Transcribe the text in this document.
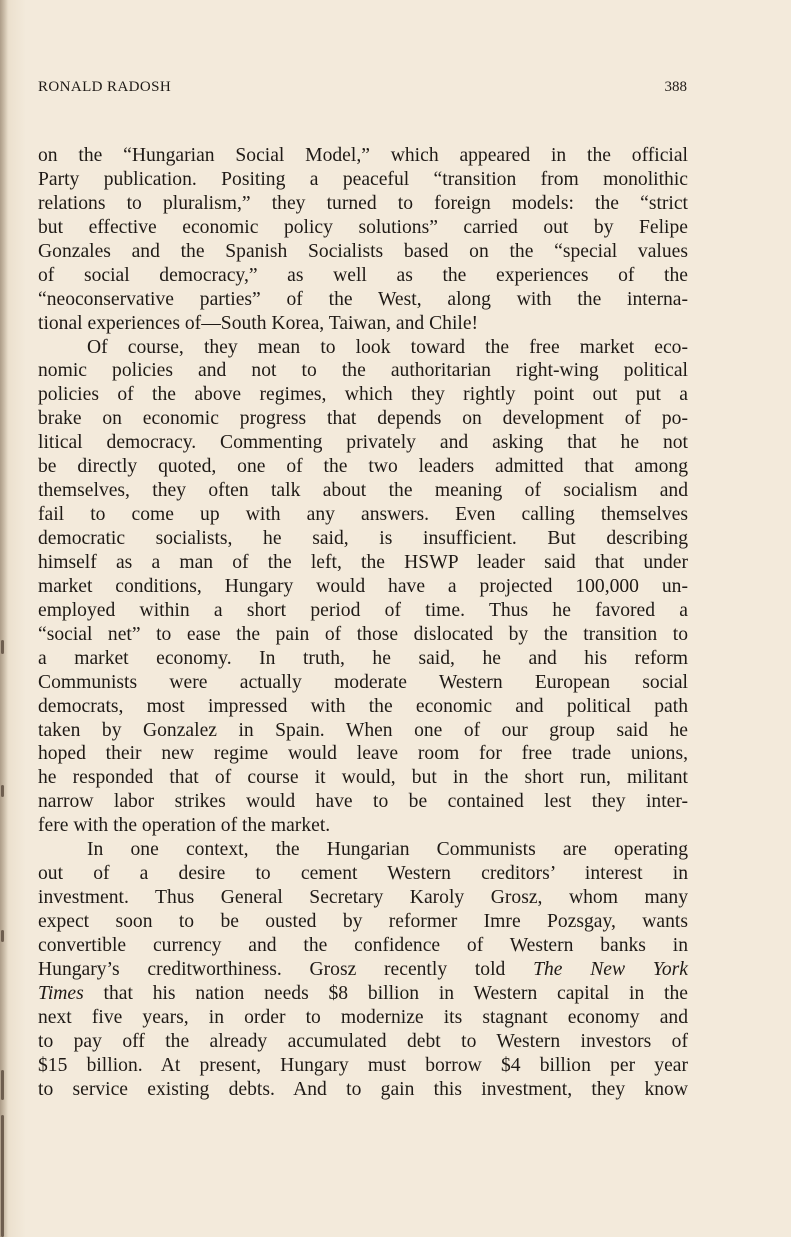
RONALD RADOSH	388
on the “Hungarian Social Model,” which appeared in the official
Party publication. Positing a peaceful “transition from monolithic
relations to pluralism,” they turned to foreign models: the “strict
but effective economic policy solutions” carried out by Felipe
Gonzales and the Spanish Socialists based on the “special values
of social democracy,” as well as the experiences of the
“neoconservative parties” of the West, along with the interna-
tional experiences of—South Korea, Taiwan, and Chile!
Of course, they mean to look toward the free market eco-
nomic policies and not to the authoritarian right-wing political
policies of the above regimes, which they rightly point out put a
brake on economic progress that depends on development of po-
litical democracy. Commenting privately and asking that he not
be directly quoted, one of the two leaders admitted that among
themselves, they often talk about the meaning of socialism and
fail to come up with any answers. Even calling themselves
democratic socialists, he said, is insufficient. But describing
himself as a man of the left, the HSWP leader said that under
market conditions, Hungary would have a projected 100,000 un-
employed within a short period of time. Thus he favored a
“social net” to ease the pain of those dislocated by the transition to
a market economy. In truth, he said, he and his reform
Communists were actually moderate Western European social
democrats, most impressed with the economic and political path
taken by Gonzalez in Spain. When one of our group said he
hoped their new regime would leave room for free trade unions,
he responded that of course it would, but in the short run, militant
narrow labor strikes would have to be contained lest they inter-
fere with the operation of the market.
In one context, the Hungarian Communists are operating
out of a desire to cement Western creditors’ interest in
investment. Thus General Secretary Karoly Grosz, whom many
expect soon to be ousted by reformer Imre Pozsgay, wants
convertible currency and the confidence of Western banks in
Hungary’s creditworthiness. Grosz recently told The New York
Times that his nation needs $8 billion in Western capital in the
next five years, in order to modernize its stagnant economy and
to pay off the already accumulated debt to Western investors of
$15 billion. At present, Hungary must borrow $4 billion per year
to service existing debts. And to gain this investment, they know
